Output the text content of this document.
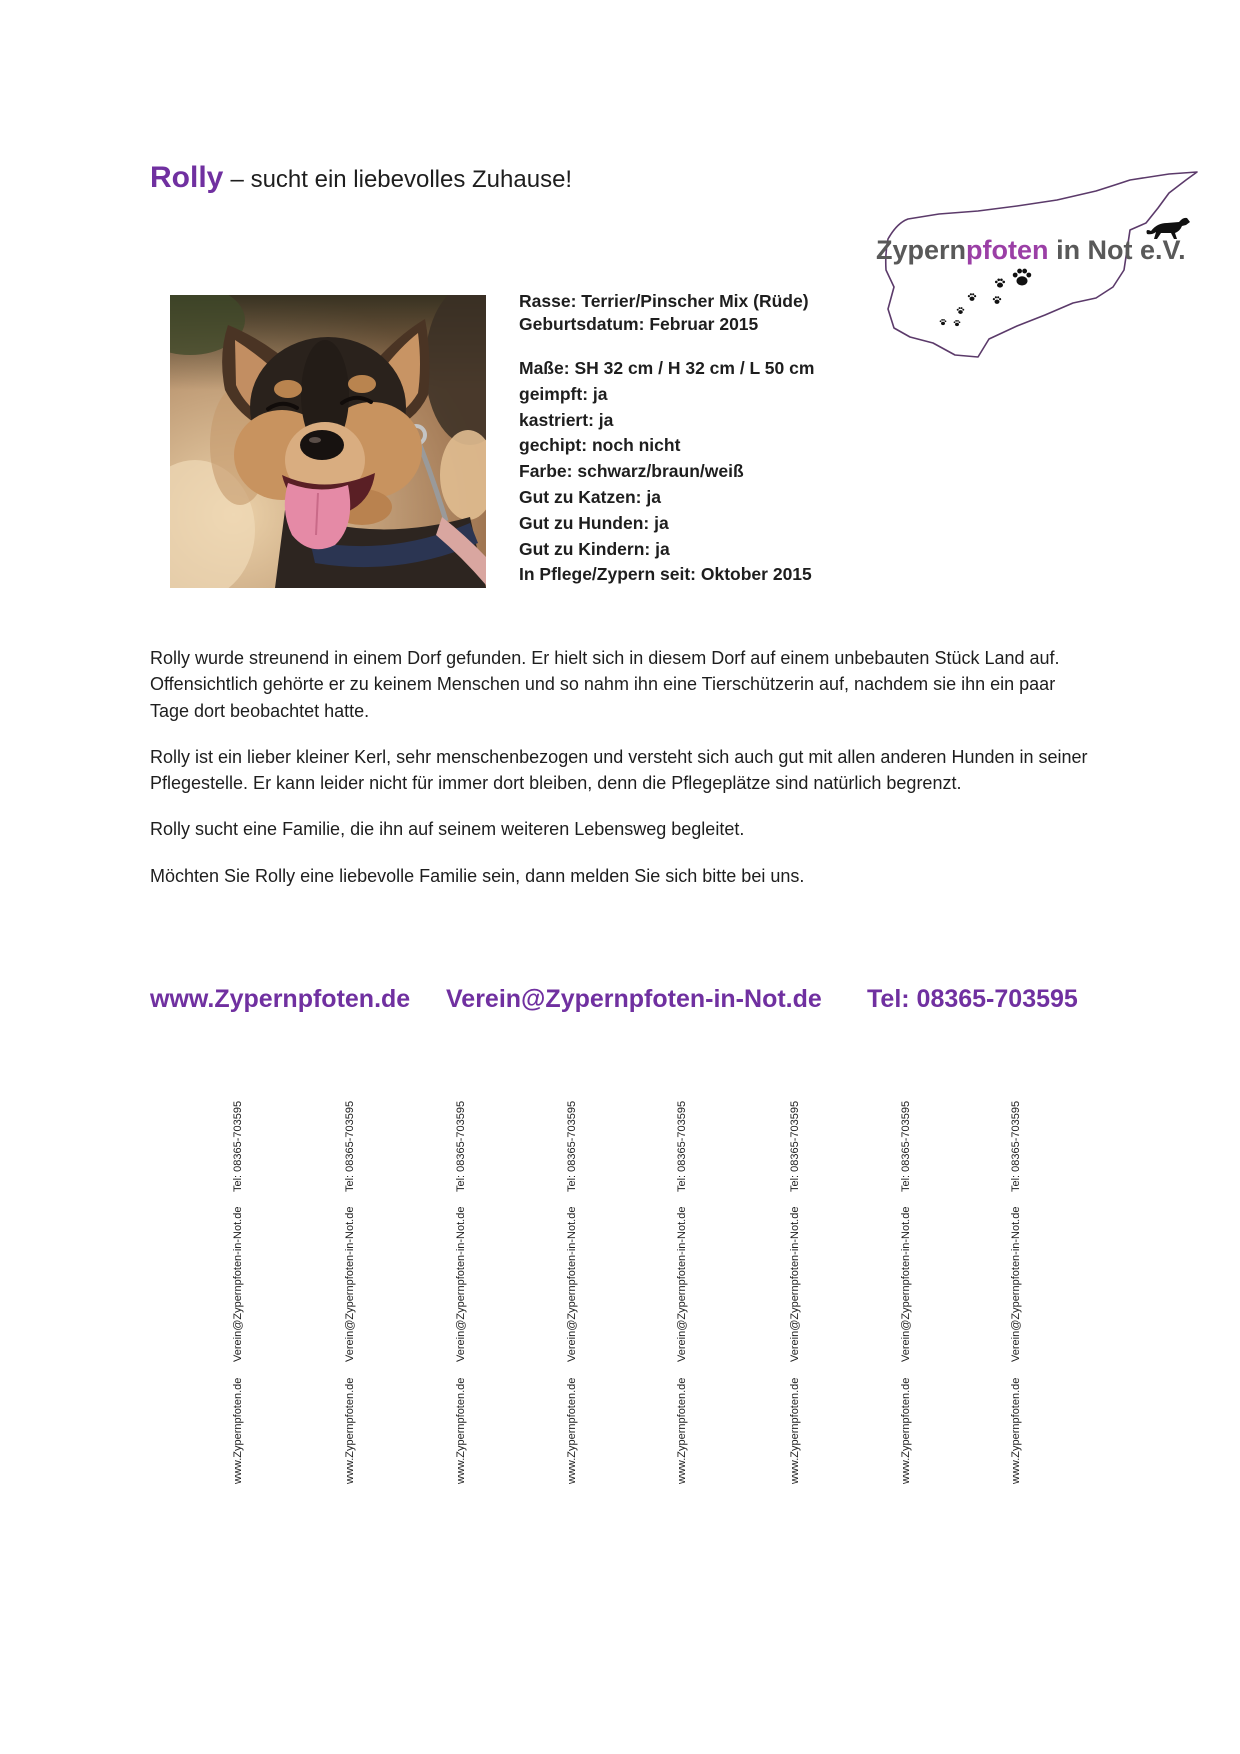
Rolly – sucht ein liebevolles Zuhause!
Zypernpfoten in Not e.V.
Rasse: Terrier/Pinscher Mix (Rüde)
Geburtsdatum: Februar 2015
Maße: SH 32 cm / H 32 cm / L 50 cm
geimpft: ja
kastriert: ja
gechipt: noch nicht
Farbe: schwarz/braun/weiß
Gut zu Katzen: ja
Gut zu Hunden: ja
Gut zu Kindern: ja
In Pflege/Zypern seit: Oktober 2015

Rolly wurde streunend in einem Dorf gefunden. Er hielt sich in diesem Dorf auf einem unbebauten Stück Land auf. Offensichtlich gehörte er zu keinem Menschen und so nahm ihn eine Tierschützerin auf, nachdem sie ihn ein paar Tage dort beobachtet hatte.

Rolly ist ein lieber kleiner Kerl, sehr menschenbezogen und versteht sich auch gut mit allen anderen Hunden in seiner Pflegestelle. Er kann leider nicht für immer dort bleiben, denn die Pflegeplätze sind natürlich begrenzt.

Rolly sucht eine Familie, die ihn auf seinem weiteren Lebensweg begleitet.

Möchten Sie Rolly eine liebevolle Familie sein, dann melden Sie sich bitte bei uns.

www.Zypernpfoten.de Verein@Zypernpfoten-in-Not.de Tel: 08365-703595
Tel: 08365-703595
Verein@Zypernpfoten-in-Not.de
www.Zypernpfoten.de
Tel: 08365-703595
Verein@Zypernpfoten-in-Not.de
www.Zypernpfoten.de
Tel: 08365-703595
Verein@Zypernpfoten-in-Not.de
www.Zypernpfoten.de
Tel: 08365-703595
Verein@Zypernpfoten-in-Not.de
www.Zypernpfoten.de
Tel: 08365-703595
Verein@Zypernpfoten-in-Not.de
www.Zypernpfoten.de
Tel: 08365-703595
Verein@Zypernpfoten-in-Not.de
www.Zypernpfoten.de
Tel: 08365-703595
Verein@Zypernpfoten-in-Not.de
www.Zypernpfoten.de
Tel: 08365-703595
Verein@Zypernpfoten-in-Not.de
www.Zypernpfoten.de
